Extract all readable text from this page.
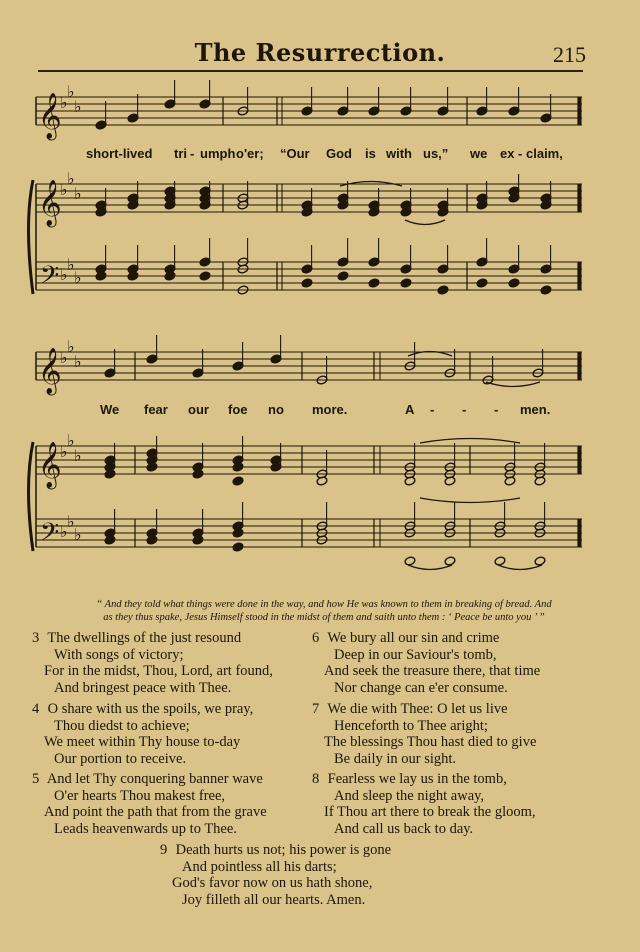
The Resurrection.	215
𝄞
♭
♭
♭
𝄞
♭
♭
♭
𝄢 ♭
♭
♭
𝄞
♭
♭
♭
𝄞
♭
♭
♭
𝄢 ♭
♭
♭
short-lived tri - umph o'er; “Our God is with us,” we ex - claim,
We fear our foe no more.	A - - - men.
“ And they told what things were done in the way, and how He was known to them in breaking of bread. And
as they thus spake, Jesus Himself stood in the midst of them and saith unto them : ‘ Peace be unto you ’ ”
3 The dwellings of the just resound
With songs of victory;
For in the midst, Thou, Lord, art found,
And bringest peace with Thee.
6 We bury all our sin and crime
Deep in our Saviour's tomb,
And seek the treasure there, that time
Nor change can e'er consume.
4 O share with us the spoils, we pray,
Thou diedst to achieve;
We meet within Thy house to-day
Our portion to receive.
7 We die with Thee: O let us live
Henceforth to Thee aright;
The blessings Thou hast died to give
Be daily in our sight.
5 And let Thy conquering banner wave
O'er hearts Thou makest free,
And point the path that from the grave
Leads heavenwards up to Thee.
8 Fearless we lay us in the tomb,
And sleep the night away,
If Thou art there to break the gloom,
And call us back to day.
9 Death hurts us not; his power is gone
And pointless all his darts;
God's favor now on us hath shone,
Joy filleth all our hearts. Amen.
